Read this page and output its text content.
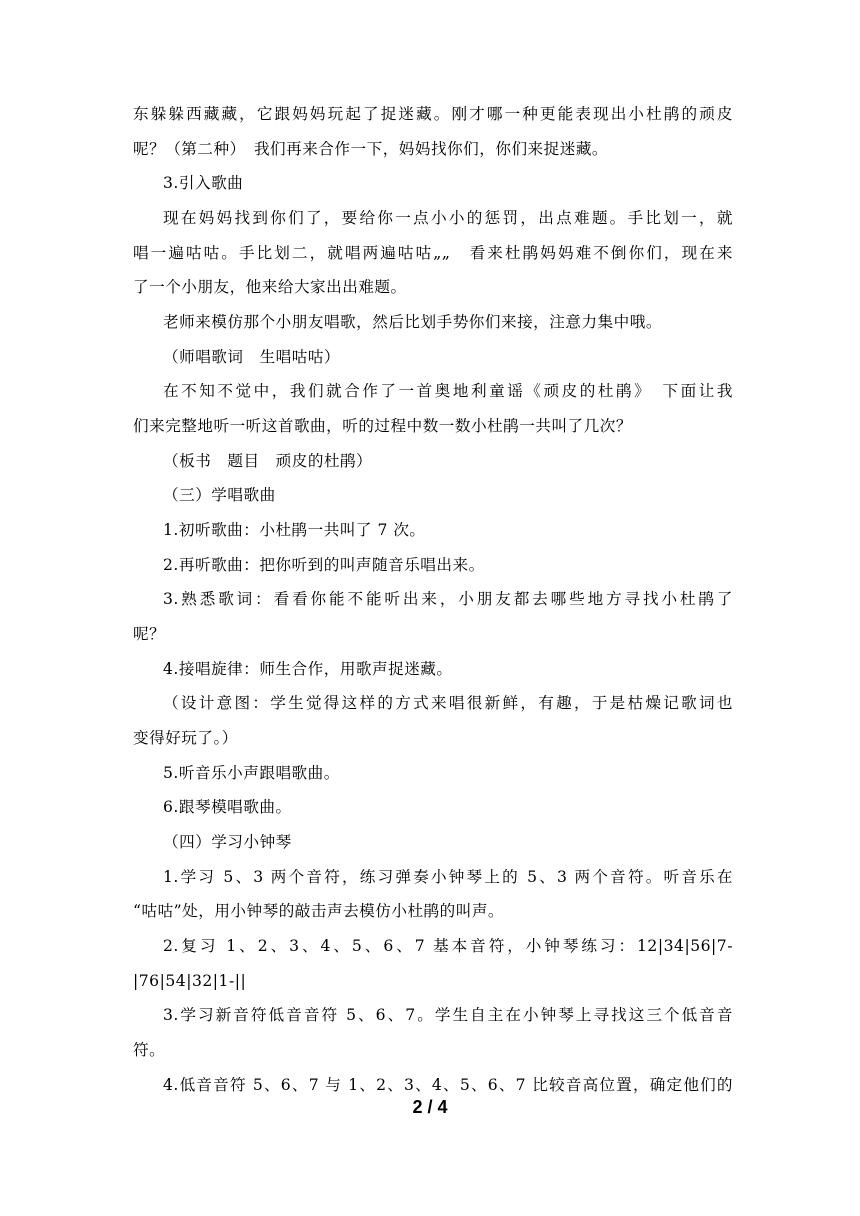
东躲躲西藏藏，它跟妈妈玩起了捉迷藏。刚才哪一种更能表现出小杜鹃的顽皮
呢？（第二种）　我们再来合作一下，妈妈找你们，你们来捉迷藏。
3.引入歌曲
现在妈妈找到你们了，要给你一点小小的惩罚，出点难题。手比划一，就
唱一遍咕咕。手比划二，就唱两遍咕咕„„　看来杜鹃妈妈难不倒你们，现在来
了一个小朋友，他来给大家出出难题。
老师来模仿那个小朋友唱歌，然后比划手势你们来接，注意力集中哦。
（师唱歌词　生唱咕咕）
在不知不觉中，我们就合作了一首奥地利童谣《顽皮的杜鹃》　下面让我
们来完整地听一听这首歌曲，听的过程中数一数小杜鹃一共叫了几次？
（板书　题目　顽皮的杜鹃）
（三）学唱歌曲
1.初听歌曲：小杜鹃一共叫了 7 次。
2.再听歌曲：把你听到的叫声随音乐唱出来。
3.熟悉歌词：看看你能不能听出来，小朋友都去哪些地方寻找小杜鹃了
呢？
4.接唱旋律：师生合作，用歌声捉迷藏。
（设计意图：学生觉得这样的方式来唱很新鲜，有趣，于是枯燥记歌词也
变得好玩了。）
5.听音乐小声跟唱歌曲。
6.跟琴模唱歌曲。
（四）学习小钟琴
1.学习 5、3 两个音符，练习弹奏小钟琴上的 5、3 两个音符。听音乐在
“咕咕”处，用小钟琴的敲击声去模仿小杜鹃的叫声。
2.复习 1、2、3、4、5、6、7 基本音符，小钟琴练习：12|34|56|7-
|76|54|32|1-||
3.学习新音符低音音符 5、6、7。学生自主在小钟琴上寻找这三个低音音
符。
4.低音音符 5、6、7 与 1、2、3、4、5、6、7 比较音高位置，确定他们的
2 / 4
